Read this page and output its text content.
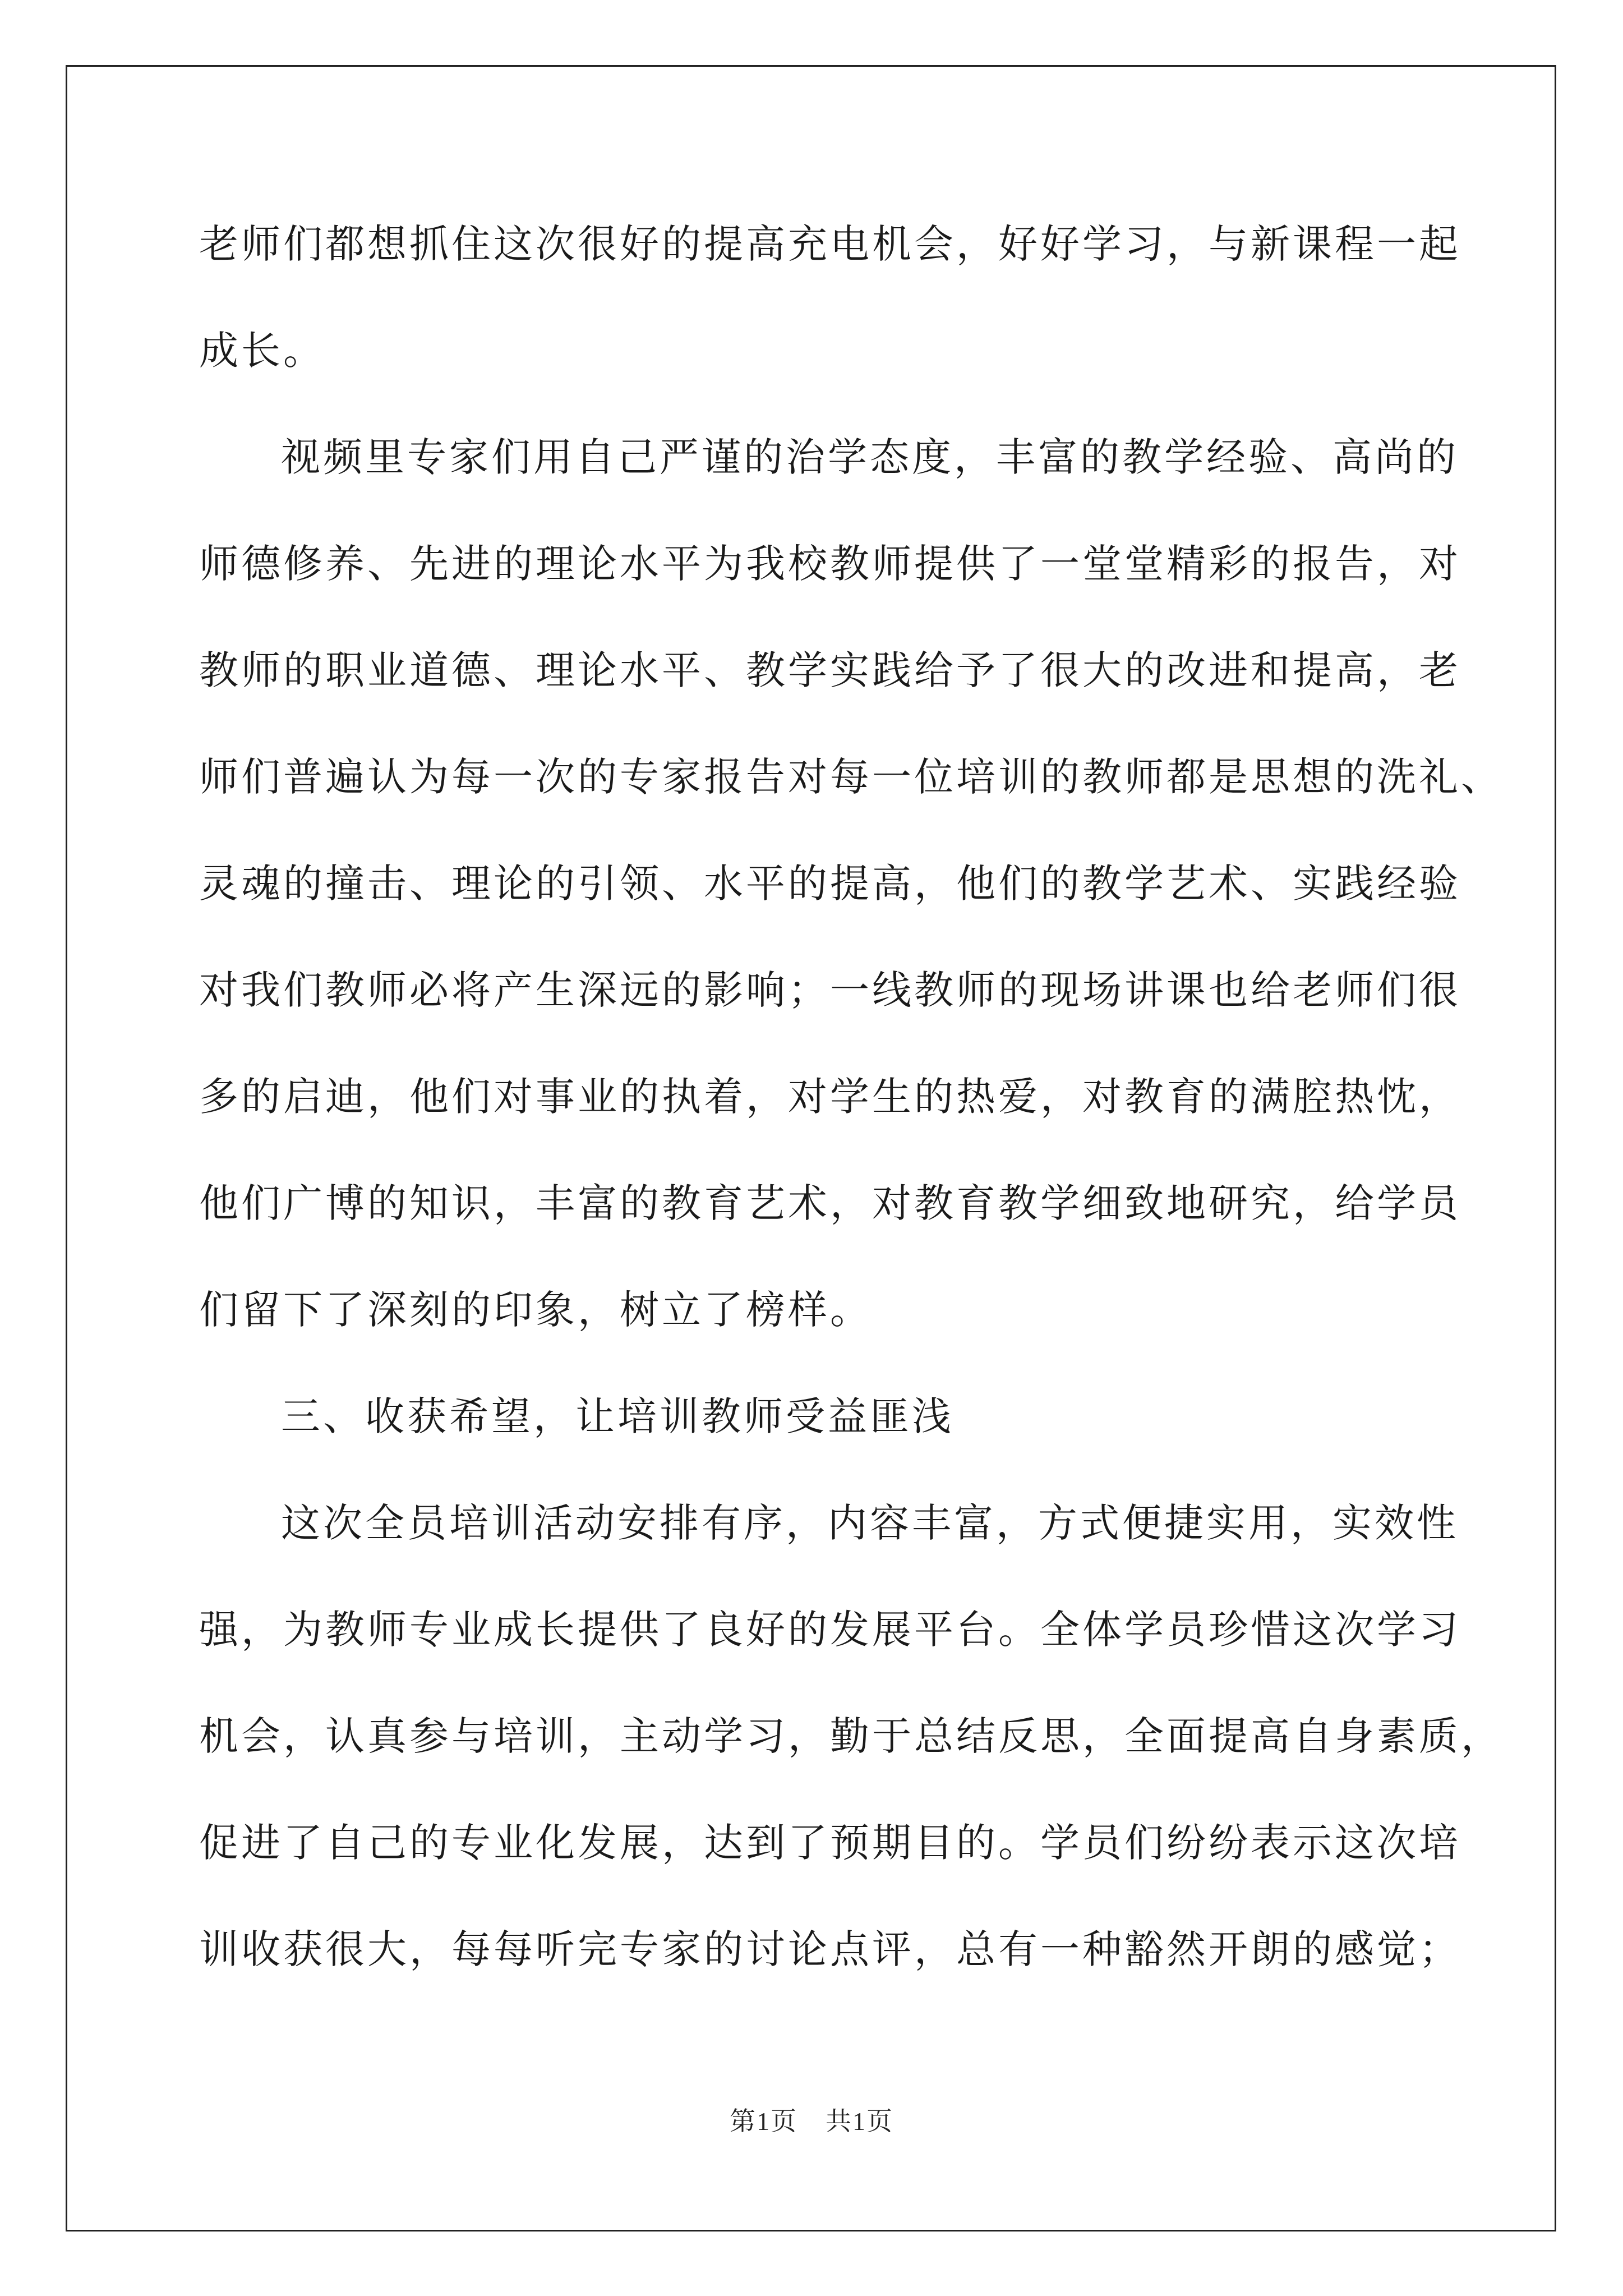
老师们都想抓住这次很好的提高充电机会，好好学习，与新课程一起
成长。
视频里专家们用自己严谨的治学态度，丰富的教学经验、高尚的
师德修养、先进的理论水平为我校教师提供了一堂堂精彩的报告，对
教师的职业道德、理论水平、教学实践给予了很大的改进和提高，老
师们普遍认为每一次的专家报告对每一位培训的教师都是思想的洗礼、
灵魂的撞击、理论的引领、水平的提高，他们的教学艺术、实践经验
对我们教师必将产生深远的影响；一线教师的现场讲课也给老师们很
多的启迪，他们对事业的执着，对学生的热爱，对教育的满腔热忱，
他们广博的知识，丰富的教育艺术，对教育教学细致地研究，给学员
们留下了深刻的印象，树立了榜样。
三、收获希望，让培训教师受益匪浅
这次全员培训活动安排有序，内容丰富，方式便捷实用，实效性
强，为教师专业成长提供了良好的发展平台。全体学员珍惜这次学习
机会，认真参与培训，主动学习，勤于总结反思，全面提高自身素质，
促进了自己的专业化发展，达到了预期目的。学员们纷纷表示这次培
训收获很大，每每听完专家的讨论点评，总有一种豁然开朗的感觉；
第1页 共1页
